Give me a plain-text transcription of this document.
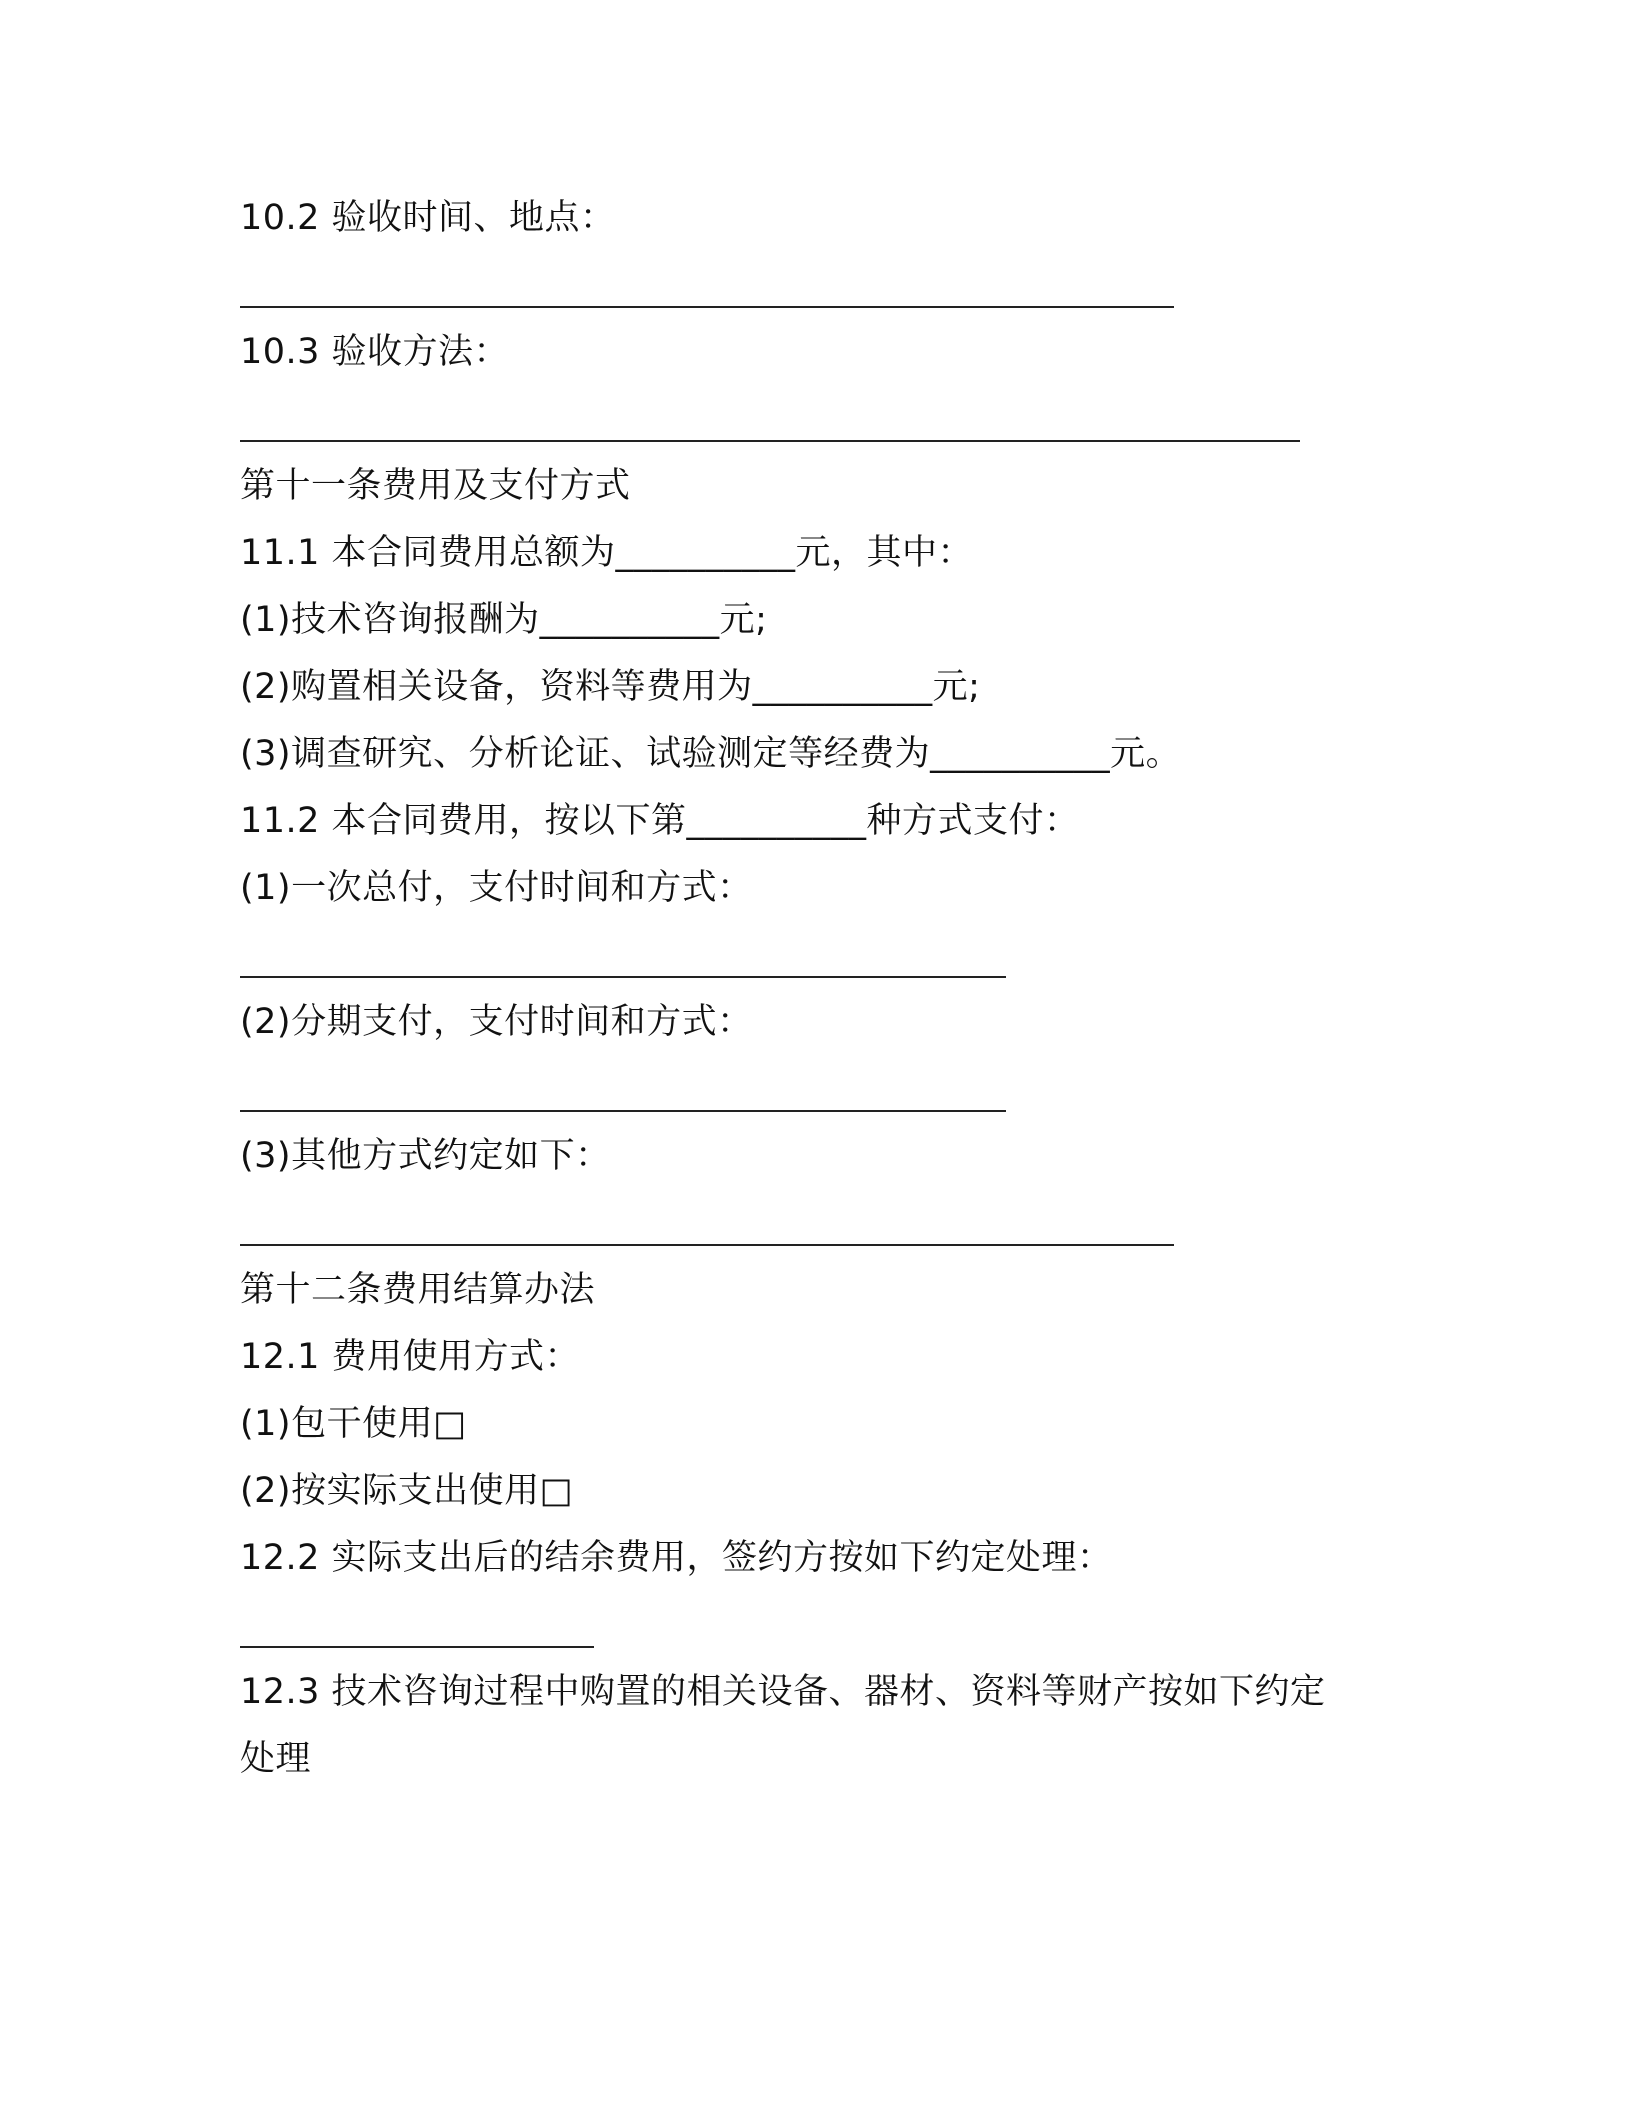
10.2 验收时间、地点：
10.3 验收方法：
第十一条费用及支付方式
11.1 本合同费用总额为__________元，其中：
(1)技术咨询报酬为__________元;
(2)购置相关设备，资料等费用为__________元;
(3)调查研究、分析论证、试验测定等经费为__________元。
11.2 本合同费用，按以下第__________种方式支付：
(1)一次总付，支付时间和方式：
(2)分期支付，支付时间和方式：
(3)其他方式约定如下：
第十二条费用结算办法
12.1 费用使用方式：
(1)包干使用□
(2)按实际支出使用□
12.2 实际支出后的结余费用，签约方按如下约定处理：
12.3 技术咨询过程中购置的相关设备、器材、资料等财产按如下约定
处理
